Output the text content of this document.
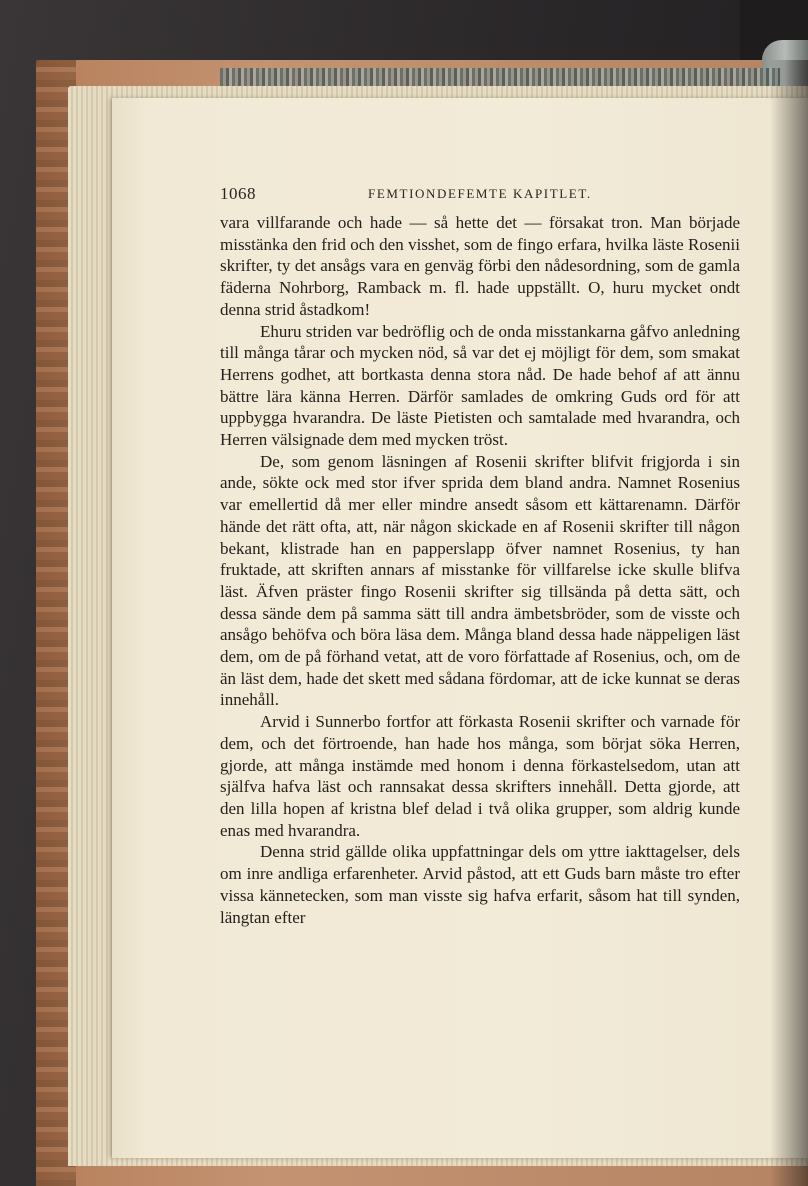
1068	FEMTIONDEFEMTE KAPITLET.

vara villfarande och hade — så hette det — försakat tron. Man började misstänka den frid och den visshet, som de fingo erfara, hvilka läste Rosenii skrifter, ty det ansågs vara en genväg förbi den nådesordning, som de gamla fäderna Nohrborg, Ramback m. fl. hade uppställt. O, huru mycket ondt denna strid åstadkom!

Ehuru striden var bedröflig och de onda misstankarna gåfvo anledning till många tårar och mycken nöd, så var det ej möjligt för dem, som smakat Herrens godhet, att bortkasta denna stora nåd. De hade behof af att ännu bättre lära känna Herren. Därför samlades de omkring Guds ord för att uppbygga hvarandra. De läste Pietisten och samtalade med hvarandra, och Herren välsignade dem med mycken tröst.

De, som genom läsningen af Rosenii skrifter blifvit frigjorda i sin ande, sökte ock med stor ifver sprida dem bland andra. Namnet Rosenius var emellertid då mer eller mindre ansedt såsom ett kättarenamn. Därför hände det rätt ofta, att, när någon skickade en af Rosenii skrifter till någon bekant, klistrade han en papperslapp öfver namnet Rosenius, ty han fruktade, att skriften annars af misstanke för villfarelse icke skulle blifva läst. Äfven präster fingo Rosenii skrifter sig tillsända på detta sätt, och dessa sände dem på samma sätt till andra ämbetsbröder, som de visste och ansågo behöfva och böra läsa dem. Många bland dessa hade näppeligen läst dem, om de på förhand vetat, att de voro författade af Rosenius, och, om de än läst dem, hade det skett med sådana fördomar, att de icke kunnat se deras innehåll.

Arvid i Sunnerbo fortfor att förkasta Rosenii skrifter och varnade för dem, och det förtroende, han hade hos många, som börjat söka Herren, gjorde, att många instämde med honom i denna förkastelsedom, utan att själfva hafva läst och rannsakat dessa skrifters innehåll. Detta gjorde, att den lilla hopen af kristna blef delad i två olika grupper, som aldrig kunde enas med hvarandra.

Denna strid gällde olika uppfattningar dels om yttre iakttagelser, dels om inre andliga erfarenheter. Arvid påstod, att ett Guds barn måste tro efter vissa kännetecken, som man visste sig hafva erfarit, såsom hat till synden, längtan efter
